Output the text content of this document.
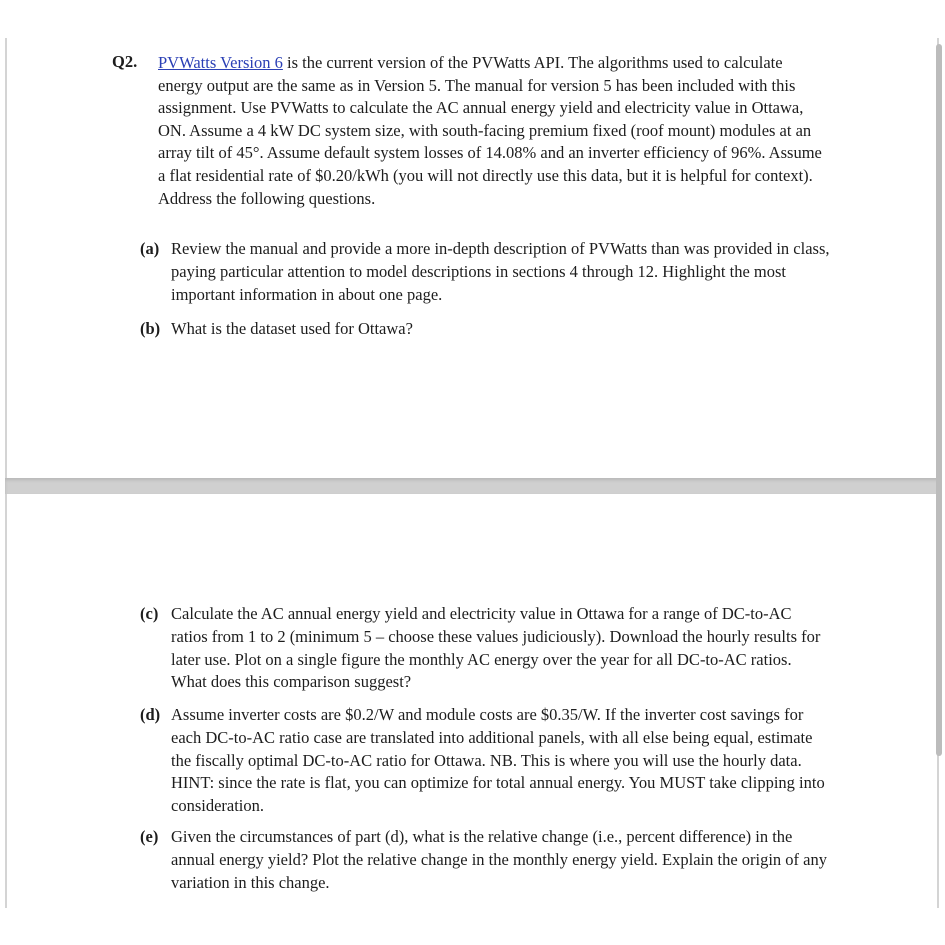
Q2. PVWatts Version 6 is the current version of the PVWatts API. The algorithms used to calculate energy output are the same as in Version 5. The manual for version 5 has been included with this assignment. Use PVWatts to calculate the AC annual energy yield and electricity value in Ottawa, ON. Assume a 4 kW DC system size, with south-facing premium fixed (roof mount) modules at an array tilt of 45°. Assume default system losses of 14.08% and an inverter efficiency of 96%. Assume a flat residential rate of $0.20/kWh (you will not directly use this data, but it is helpful for context). Address the following questions.
(a) Review the manual and provide a more in-depth description of PVWatts than was provided in class, paying particular attention to model descriptions in sections 4 through 12. Highlight the most important information in about one page.
(b) What is the dataset used for Ottawa?
(c) Calculate the AC annual energy yield and electricity value in Ottawa for a range of DC-to-AC ratios from 1 to 2 (minimum 5 – choose these values judiciously). Download the hourly results for later use. Plot on a single figure the monthly AC energy over the year for all DC-to-AC ratios. What does this comparison suggest?
(d) Assume inverter costs are $0.2/W and module costs are $0.35/W. If the inverter cost savings for each DC-to-AC ratio case are translated into additional panels, with all else being equal, estimate the fiscally optimal DC-to-AC ratio for Ottawa. NB. This is where you will use the hourly data. HINT: since the rate is flat, you can optimize for total annual energy. You MUST take clipping into consideration.
(e) Given the circumstances of part (d), what is the relative change (i.e., percent difference) in the annual energy yield? Plot the relative change in the monthly energy yield. Explain the origin of any variation in this change.
